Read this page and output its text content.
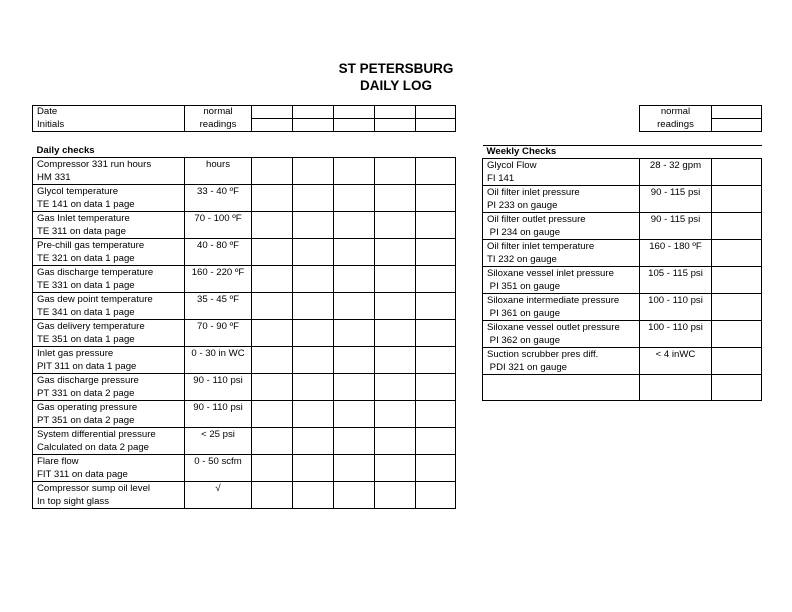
ST PETERSBURG
DAILY LOG
Date	normal					
Initials	readings					
Daily checks						

Compressor 331 run hours
HM 331	hours					

Glycol temperature
TE 141 on data 1 page	33 - 40 ºF					

Gas Inlet temperature
TE 311 on data page	70 - 100 ºF					

Pre-chill gas temperature
TE 321 on data 1 page	40 - 80 ºF					

Gas discharge temperature
TE 331 on data 1 page	160 - 220 ºF					

Gas dew point temperature
TE 341 on data 1 page	35 - 45 ºF					

Gas delivery temperature
TE 351 on data 1 page	70 - 90 ºF					

Inlet gas pressure
PIT 311 on data 1 page	0 - 30 in WC					

Gas discharge pressure
PT 331 on data 2 page	90 - 110 psi					

Gas operating pressure
PT 351 on data 2 page	90 - 110 psi					

System differential pressure
Calculated on data 2 page	< 25 psi					

Flare flow
FIT 311 on data page	0 - 50 scfm					

Compressor sump oil level
In top sight glass	√					
normal	
readings	
Weekly Checks		

Glycol Flow
FI 141	28 - 32 gpm	

Oil filter inlet pressure
PI 233 on gauge	90 - 115 psi	

Oil filter outlet pressure
PI 234 on gauge	90 - 115 psi	

Oil filter inlet temperature
TI 232 on gauge	160 - 180 ºF	

Siloxane vessel inlet pressure
PI 351 on gauge	105 - 115 psi	

Siloxane intermediate pressure
PI 361 on gauge	100 - 110 psi	

Siloxane vessel outlet pressure
PI 362 on gauge	100 - 110 psi	

Suction scrubber pres diff.
PDI 321 on gauge	< 4 inWC	
